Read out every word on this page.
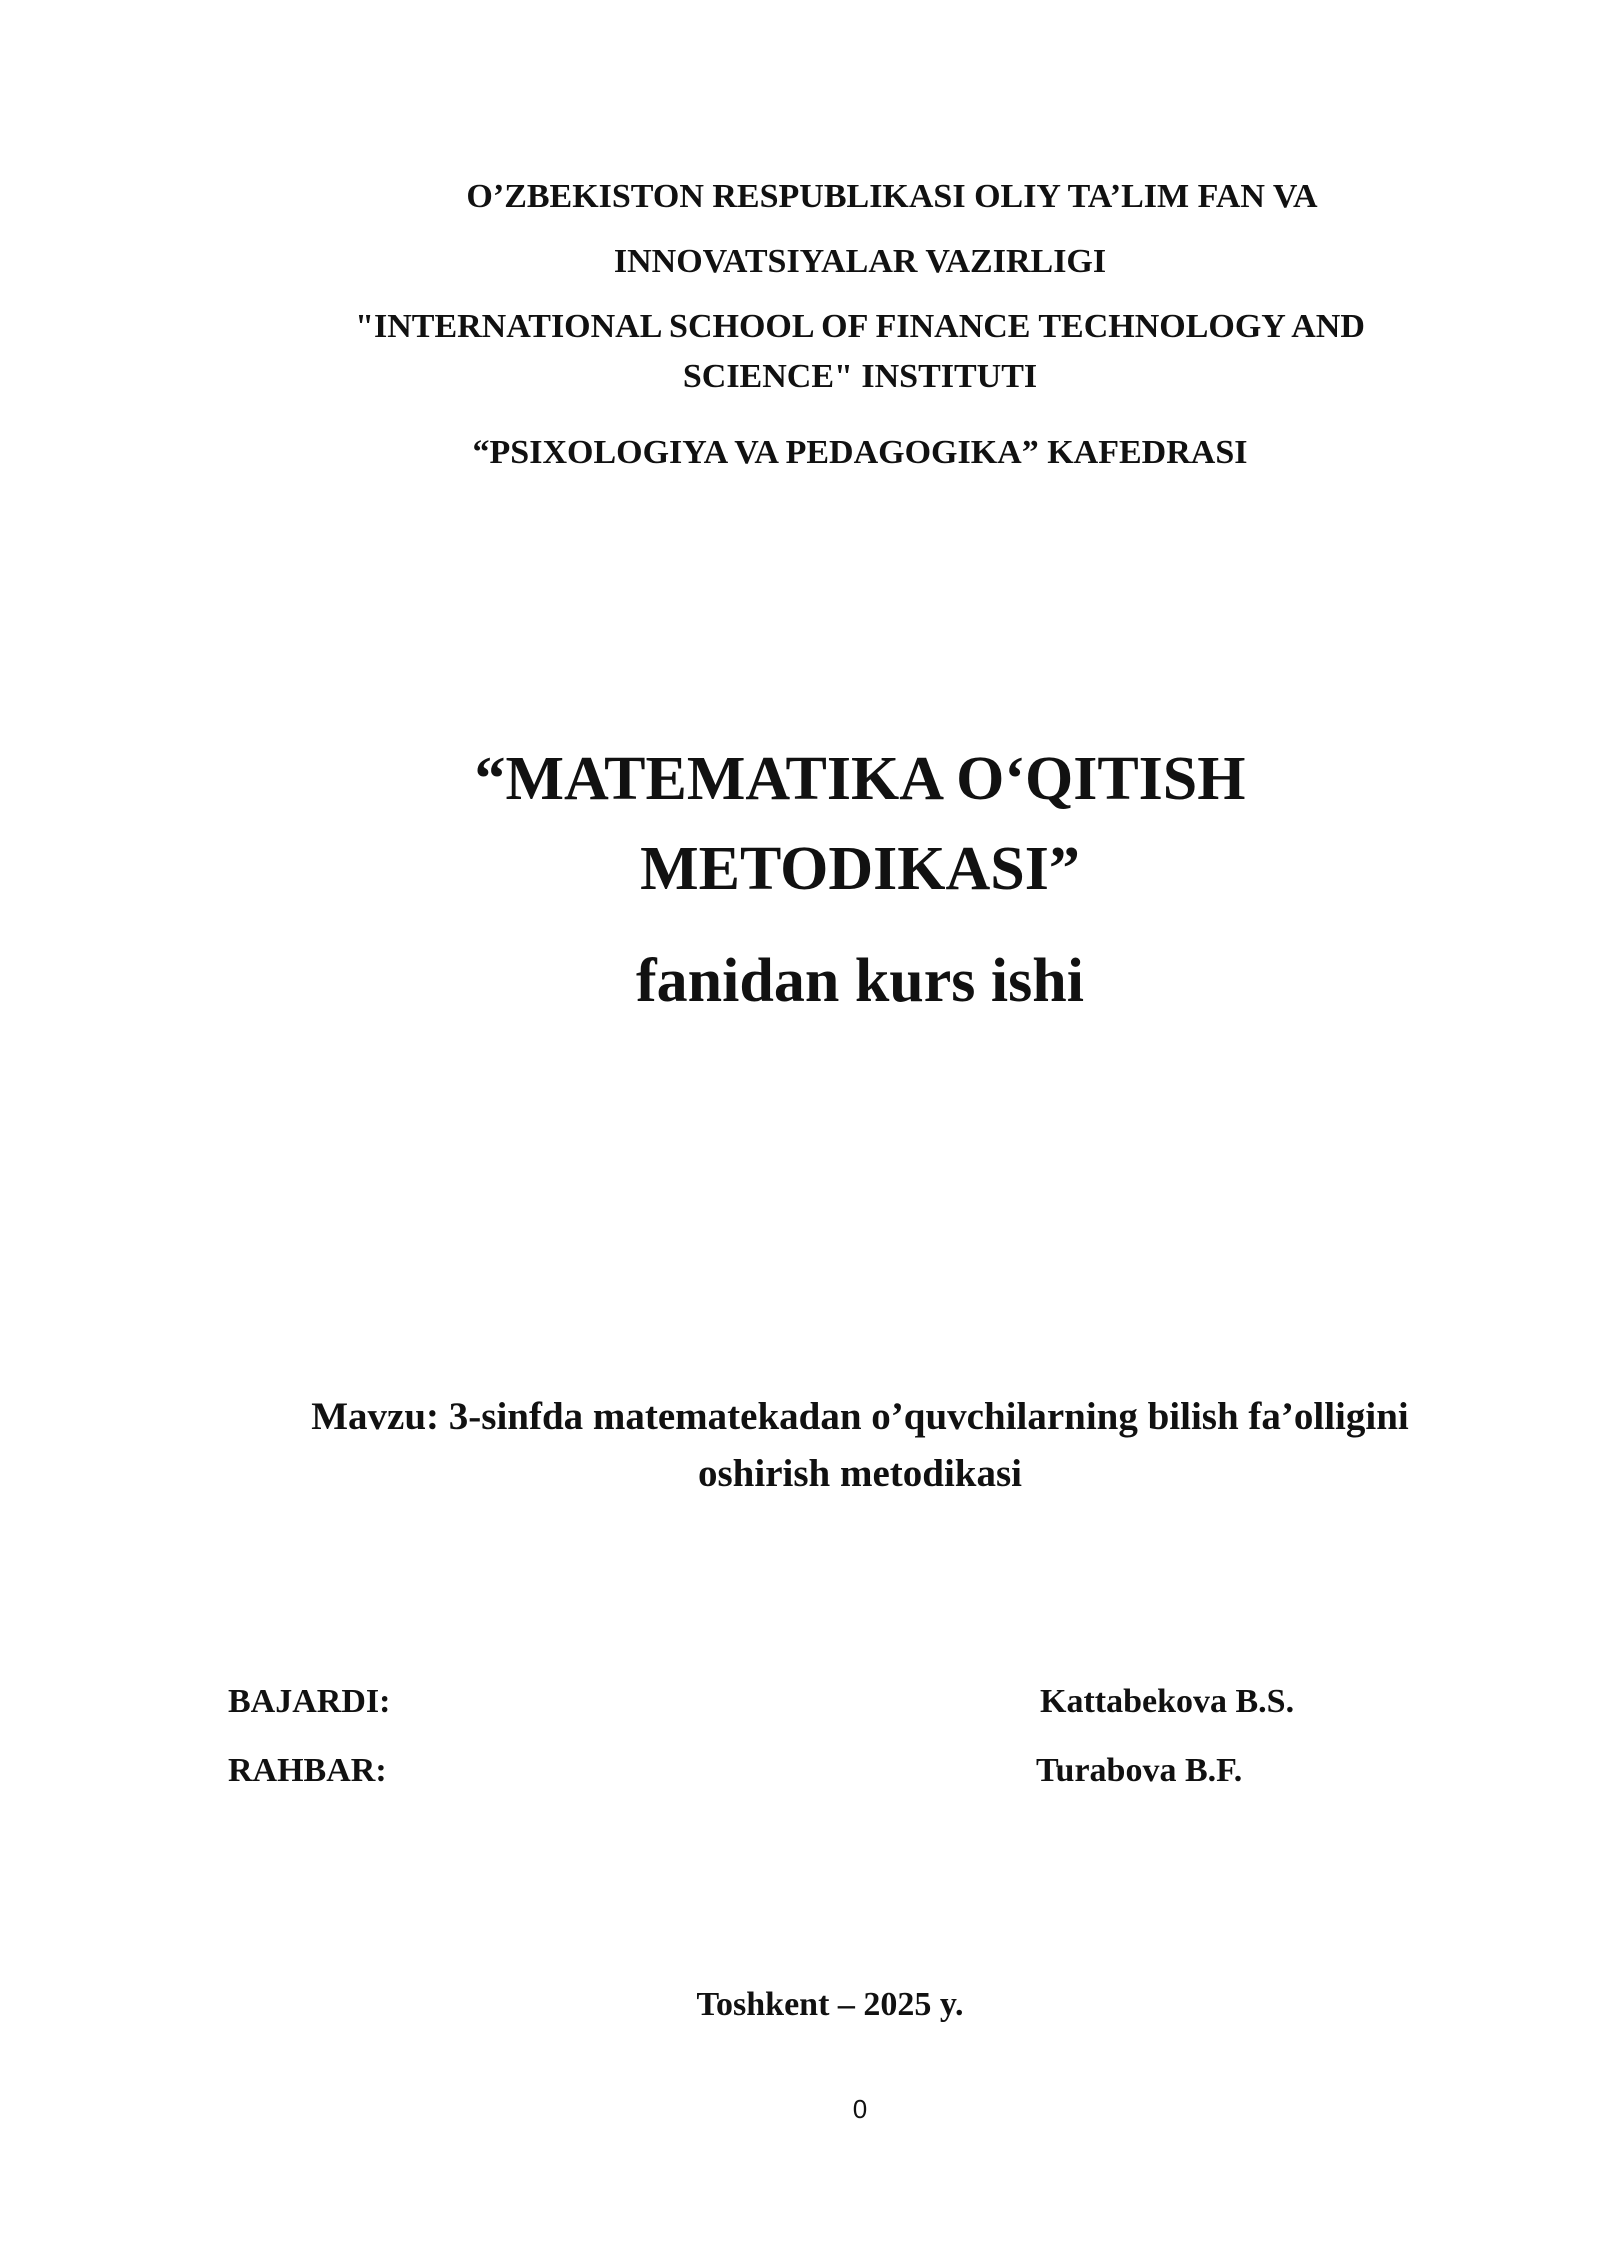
O’ZBEKISTON RESPUBLIKASI OLIY TA’LIM FAN VA
INNOVATSIYALAR VAZIRLIGI
"INTERNATIONAL SCHOOL OF FINANCE TECHNOLOGY AND
SCIENCE" INSTITUTI
“PSIXOLOGIYA VA PEDAGOGIKA” KAFEDRASI
“MATEMATIKA O‘QITISH
METODIKASI”
fanidan kurs ishi
Mavzu: 3-sinfda matematekadan o’quvchilarning bilish fa’olligini
oshirish metodikasi
BAJARDI:	Kattabekova B.S.
RAHBAR:	Turabova B.F.
Toshkent – 2025 y.
0
